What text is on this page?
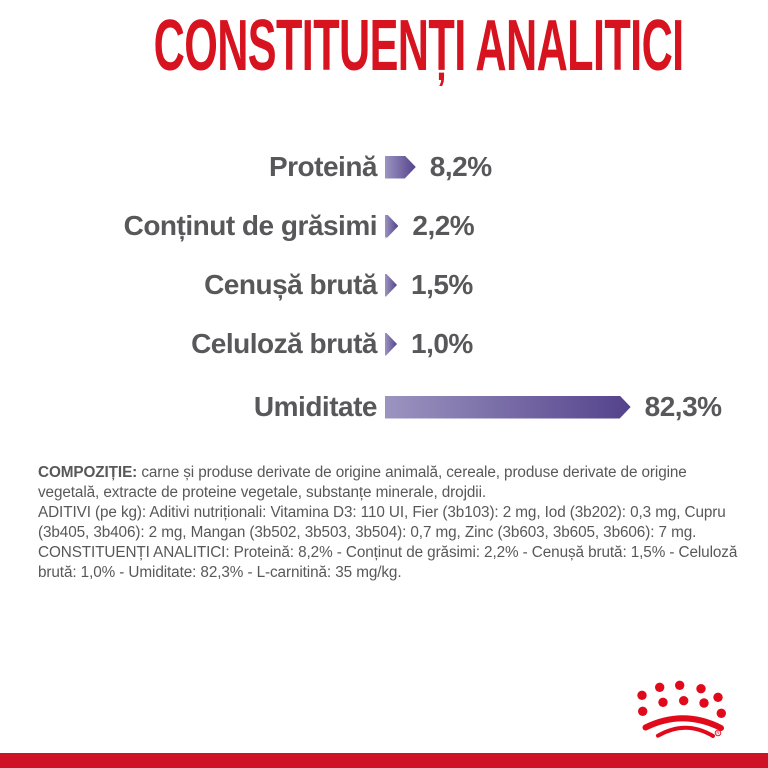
CONSTITUENȚI ANALITICI
Proteină 8,2%
Conținut de grăsimi 2,2%
Cenușă brută 1,5%
Celuloză brută 1,0%
Umiditate	82,3%

COMPOZIȚIE: carne și produse derivate de origine animală, cereale, produse derivate de origine vegetală, extracte de proteine vegetale, substanțe minerale, drojdii.

ADITIVI (pe kg): Aditivi nutriționali: Vitamina D3: 110 UI, Fier (3b103): 2 mg, Iod (3b202): 0,3 mg, Cupru (3b405, 3b406): 2 mg, Mangan (3b502, 3b503, 3b504): 0,7 mg, Zinc (3b603, 3b605, 3b606): 7 mg.

CONSTITUENȚI ANALITICI: Proteină: 8,2% - Conținut de grăsimi: 2,2% - Cenușă brută: 1,5% - Celuloză brută: 1,0% - Umiditate: 82,3% - L-carnitină: 35 mg/kg.

R
